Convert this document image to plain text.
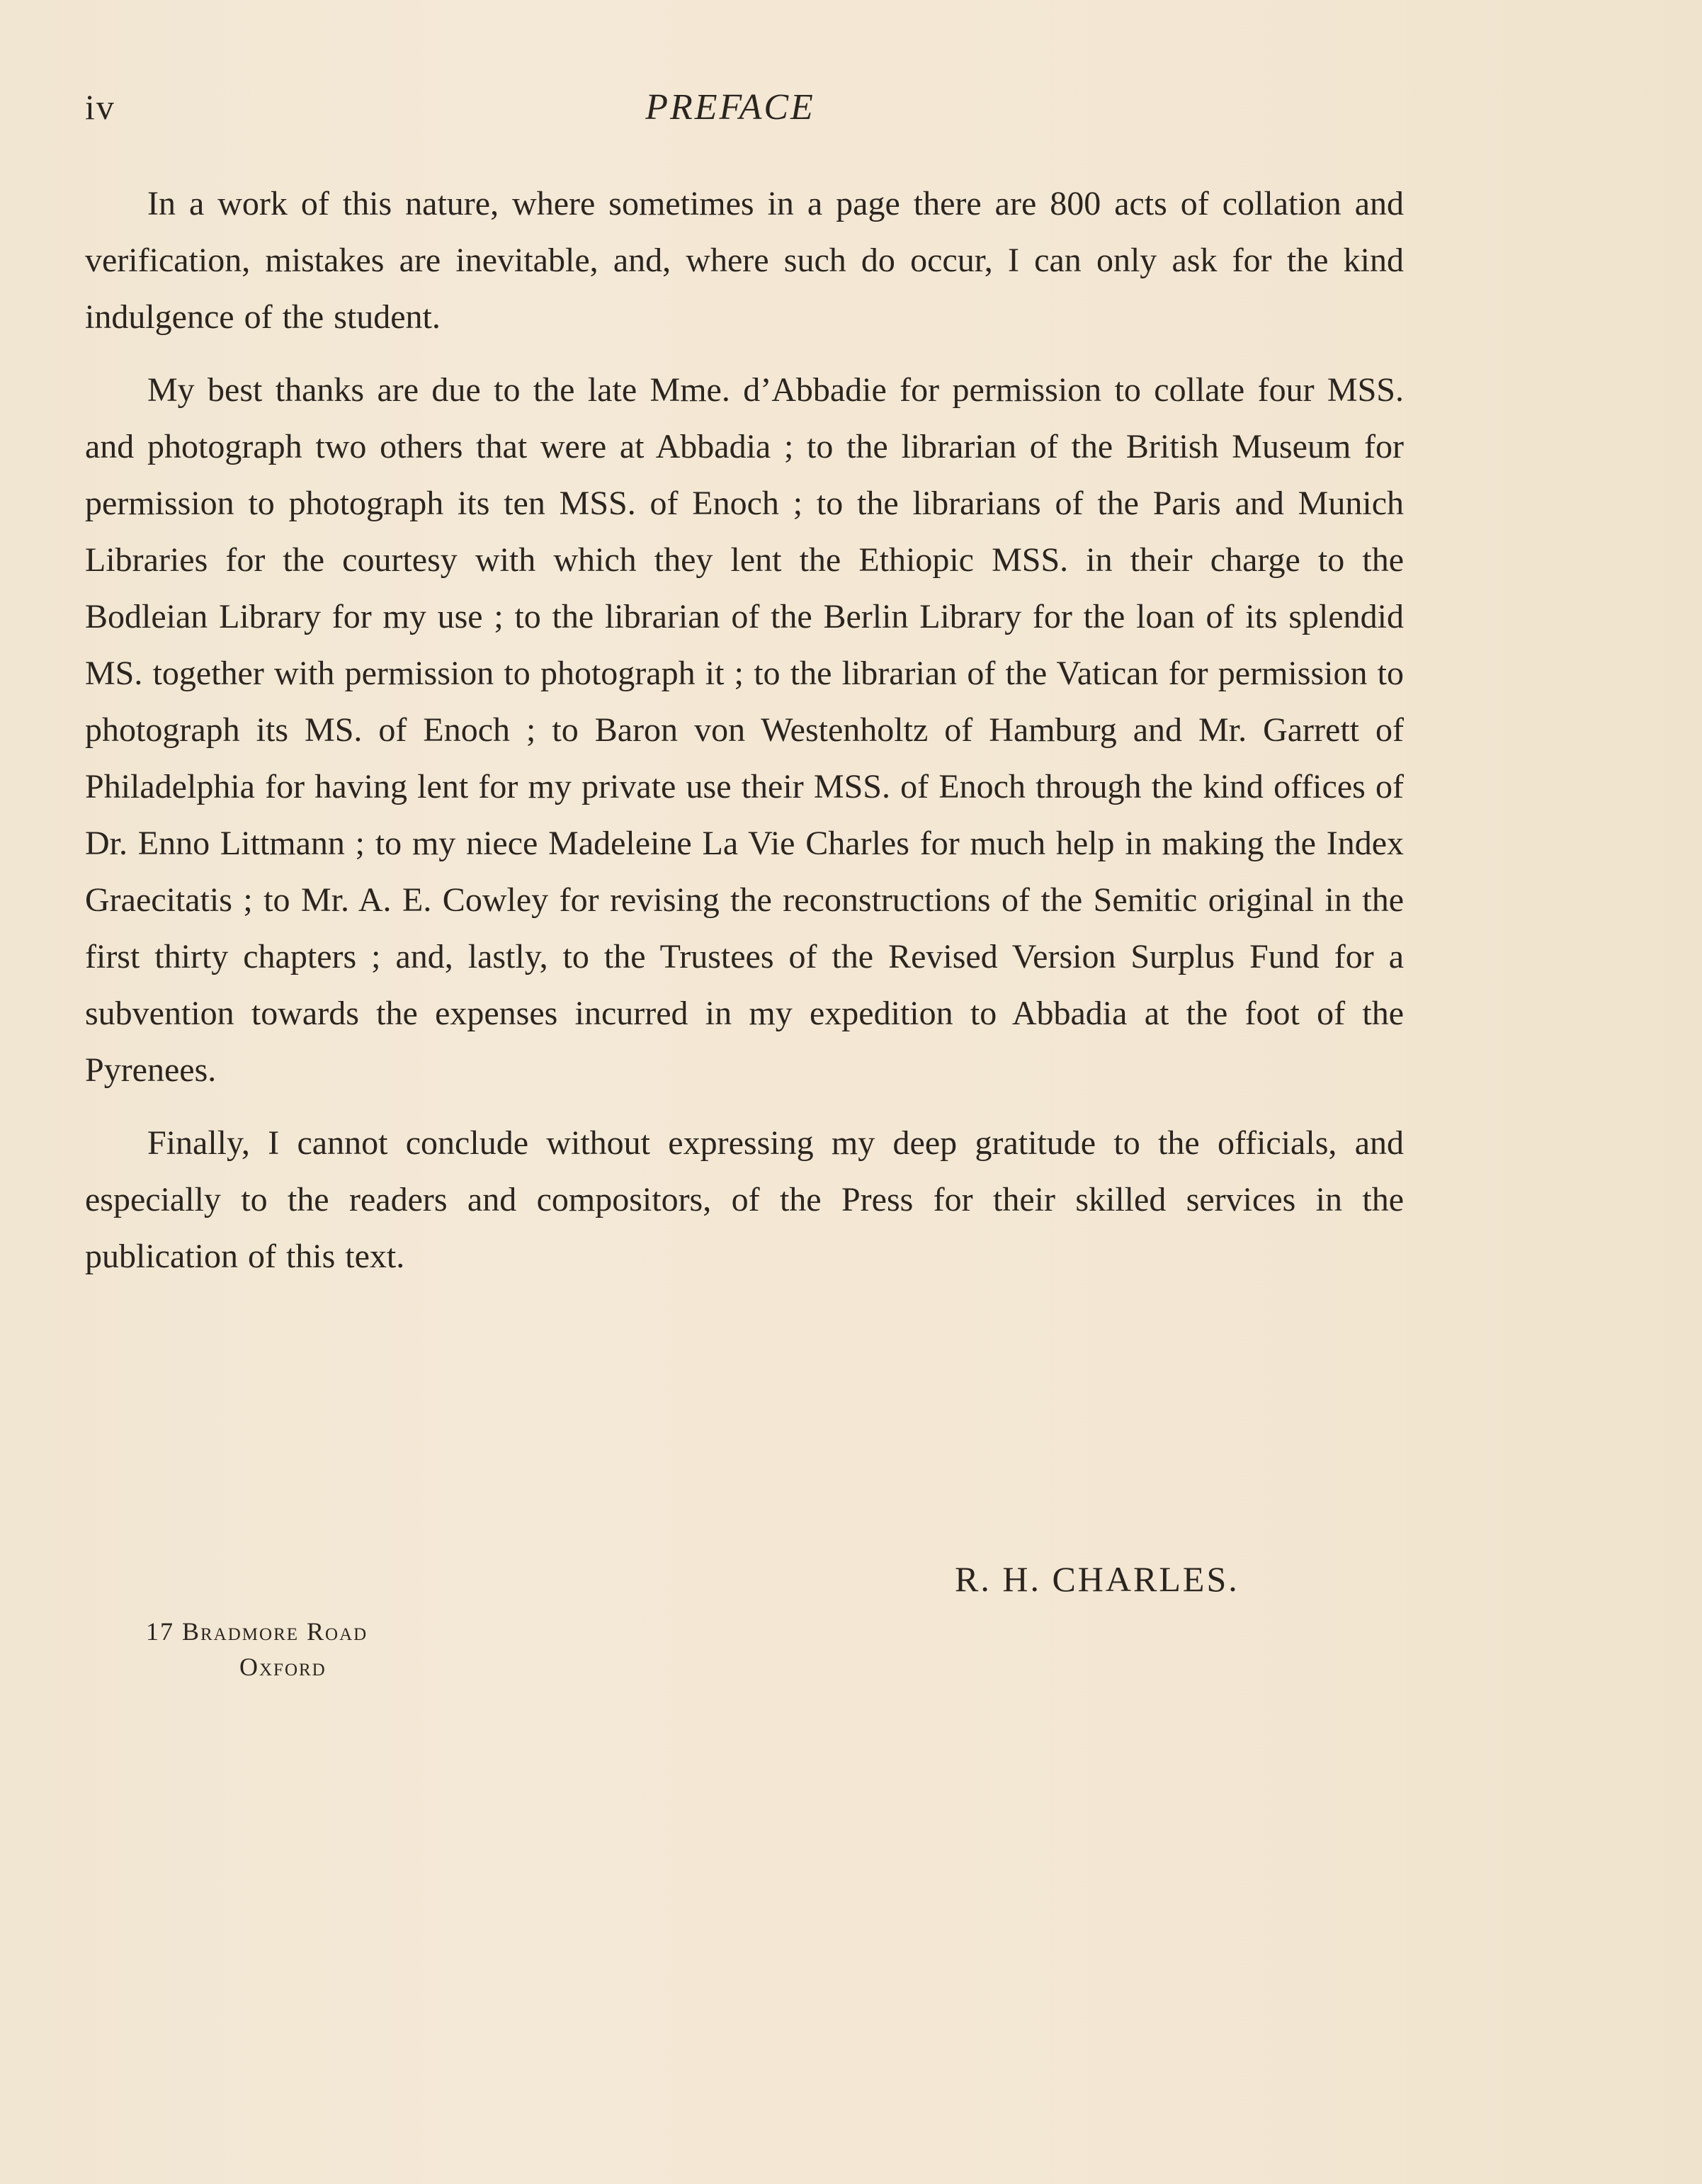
iv	PREFACE

In a work of this nature, where sometimes in a page there are 800 acts of collation and verification, mistakes are inevitable, and, where such do occur, I can only ask for the kind indulgence of the student.

My best thanks are due to the late Mme. d’Abbadie for permission to collate four MSS. and photograph two others that were at Abbadia ; to the librarian of the British Museum for permission to photograph its ten MSS. of Enoch ; to the librarians of the Paris and Munich Libraries for the courtesy with which they lent the Ethiopic MSS. in their charge to the Bodleian Library for my use ; to the librarian of the Berlin Library for the loan of its splendid MS. together with permission to photograph it ; to the librarian of the Vatican for permission to photograph its MS. of Enoch ; to Baron von Westenholtz of Hamburg and Mr. Garrett of Philadelphia for having lent for my private use their MSS. of Enoch through the kind offices of Dr. Enno Littmann ; to my niece Madeleine La Vie Charles for much help in making the Index Graecitatis ; to Mr. A. E. Cowley for revising the reconstructions of the Semitic original in the first thirty chapters ; and, lastly, to the Trustees of the Revised Version Surplus Fund for a subvention towards the expenses incurred in my expedition to Abbadia at the foot of the Pyrenees.

Finally, I cannot conclude without expressing my deep gratitude to the officials, and especially to the readers and compositors, of the Press for their skilled services in the publication of this text.

R. H. CHARLES.
17 Bradmore Road
Oxford
